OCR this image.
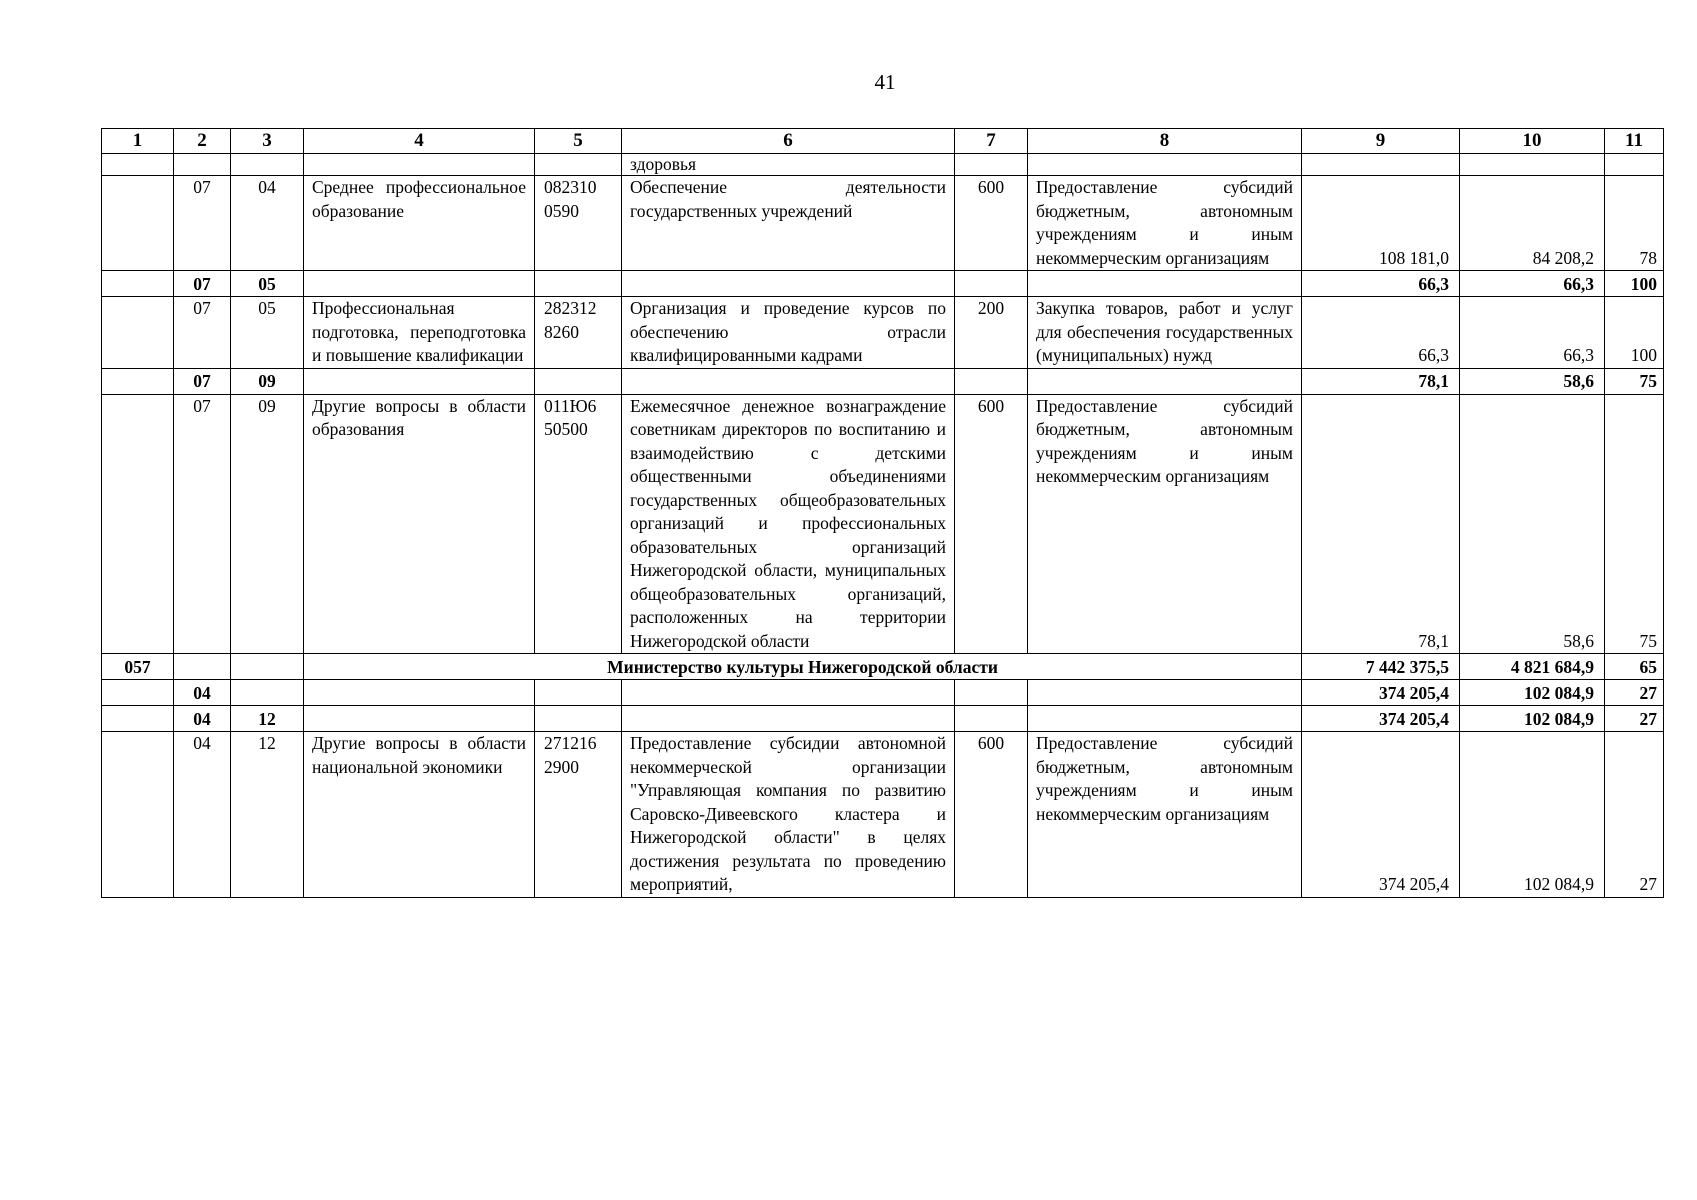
41
1	2	3	4	5	6	7	8	9	10	11
					здоровья					
	07	04	Среднее профессиональное образование	082310 0590	Обеспечение деятельности государственных учреждений	600	Предоставление субсидий бюджетным, автономным учреждениям и иным некоммерческим организациям	108 181,0	84 208,2	78
	07	05						66,3	66,3	100
	07	05	Профессиональная подготовка, переподготовка и повышение квалификации	282312 8260	Организация и проведение курсов по обеспечению отрасли квалифицированными кадрами	200	Закупка товаров, работ и услуг для обеспечения государственных (муниципальных) нужд	66,3	66,3	100
	07	09						78,1	58,6	75
	07	09	Другие вопросы в области образования	011Ю6 50500	Ежемесячное денежное вознаграждение советникам директоров по воспитанию и взаимодействию с детскими общественными объединениями государственных общеобразовательных организаций и профессиональных образовательных организаций Нижегородской области, муниципальных общеобразовательных организаций, расположенных на территории Нижегородской области	600	Предоставление субсидий бюджетным, автономным учреждениям и иным некоммерческим организациям	78,1	58,6	75
057			Министерство культуры Нижегородской области					7 442 375,5	4 821 684,9	65
	04							374 205,4	102 084,9	27
	04	12						374 205,4	102 084,9	27
	04	12	Другие вопросы в области национальной экономики	271216 2900	Предоставление субсидии автономной некоммерческой организации "Управляющая компания по развитию Саровско-Дивеевского кластера и Нижегородской области" в целях достижения результата по проведению мероприятий,	600	Предоставление субсидий бюджетным, автономным учреждениям и иным некоммерческим организациям	374 205,4	102 084,9	27
